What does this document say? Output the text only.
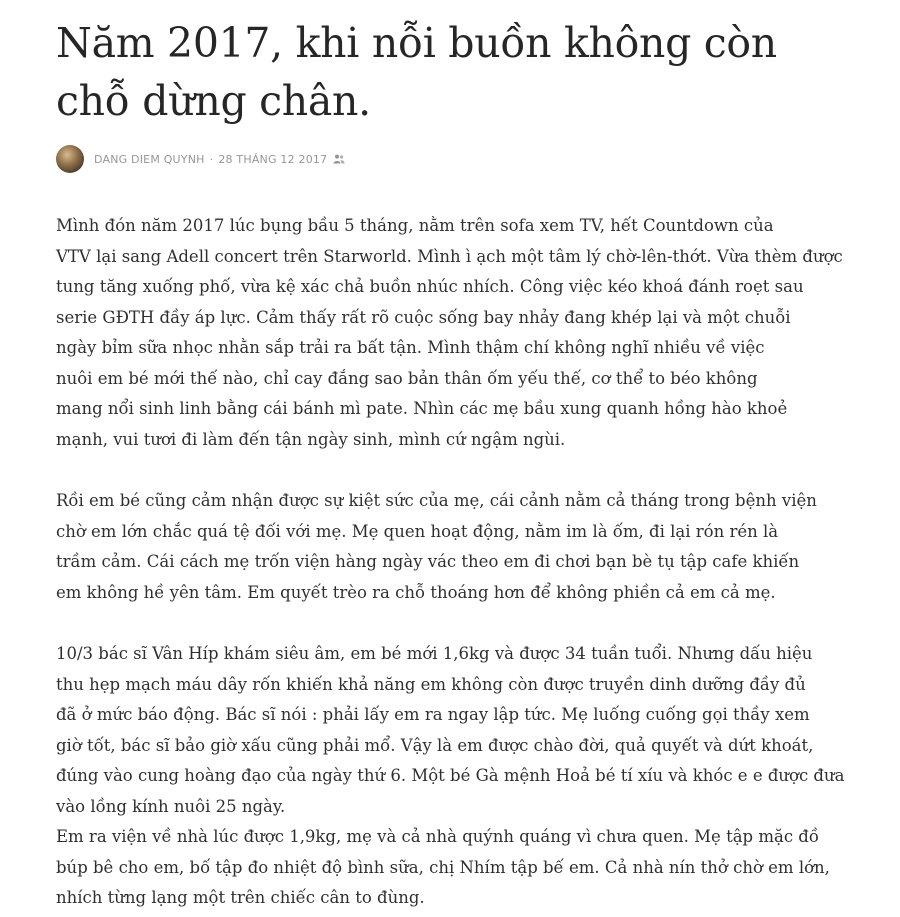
Năm 2017, khi nỗi buồn không còn
chỗ dừng chân.
DANG DIEM QUYNH · 28 THÁNG 12 2017

Mình đón năm 2017 lúc bụng bầu 5 tháng, nằm trên sofa xem TV, hết Countdown của
VTV lại sang Adell concert trên Starworld. Mình ì ạch một tâm lý chờ-lên-thớt. Vừa thèm được
tung tăng xuống phố, vừa kệ xác chả buồn nhúc nhích. Công việc kéo khoá đánh roẹt sau
serie GĐTH đầy áp lực. Cảm thấy rất rõ cuộc sống bay nhảy đang khép lại và một chuỗi
ngày bỉm sữa nhọc nhằn sắp trải ra bất tận. Mình thậm chí không nghĩ nhiều về việc
nuôi em bé mới thế nào, chỉ cay đắng sao bản thân ốm yếu thế, cơ thể to béo không
mang nổi sinh linh bằng cái bánh mì pate. Nhìn các mẹ bầu xung quanh hồng hào khoẻ
mạnh, vui tươi đi làm đến tận ngày sinh, mình cứ ngậm ngùi.

Rồi em bé cũng cảm nhận được sự kiệt sức của mẹ, cái cảnh nằm cả tháng trong bệnh viện
chờ em lớn chắc quá tệ đối với mẹ. Mẹ quen hoạt động, nằm im là ốm, đi lại rón rén là
trầm cảm. Cái cách mẹ trốn viện hàng ngày vác theo em đi chơi bạn bè tụ tập cafe khiến
em không hề yên tâm. Em quyết trèo ra chỗ thoáng hơn để không phiền cả em cả mẹ.

10/3 bác sĩ Vân Híp khám siêu âm, em bé mới 1,6kg và được 34 tuần tuổi. Nhưng dấu hiệu
thu hẹp mạch máu dây rốn khiến khả năng em không còn được truyền dinh dưỡng đầy đủ
đã ở mức báo động. Bác sĩ nói : phải lấy em ra ngay lập tức. Mẹ luống cuống gọi thầy xem
giờ tốt, bác sĩ bảo giờ xấu cũng phải mổ. Vậy là em được chào đời, quả quyết và dứt khoát,
đúng vào cung hoàng đạo của ngày thứ 6. Một bé Gà mệnh Hoả bé tí xíu và khóc e e được đưa
vào lồng kính nuôi 25 ngày.
Em ra viện về nhà lúc được 1,9kg, mẹ và cả nhà quýnh quáng vì chưa quen. Mẹ tập mặc đồ
búp bê cho em, bố tập đo nhiệt độ bình sữa, chị Nhím tập bế em. Cả nhà nín thở chờ em lớn,
nhích từng lạng một trên chiếc cân to đùng.
